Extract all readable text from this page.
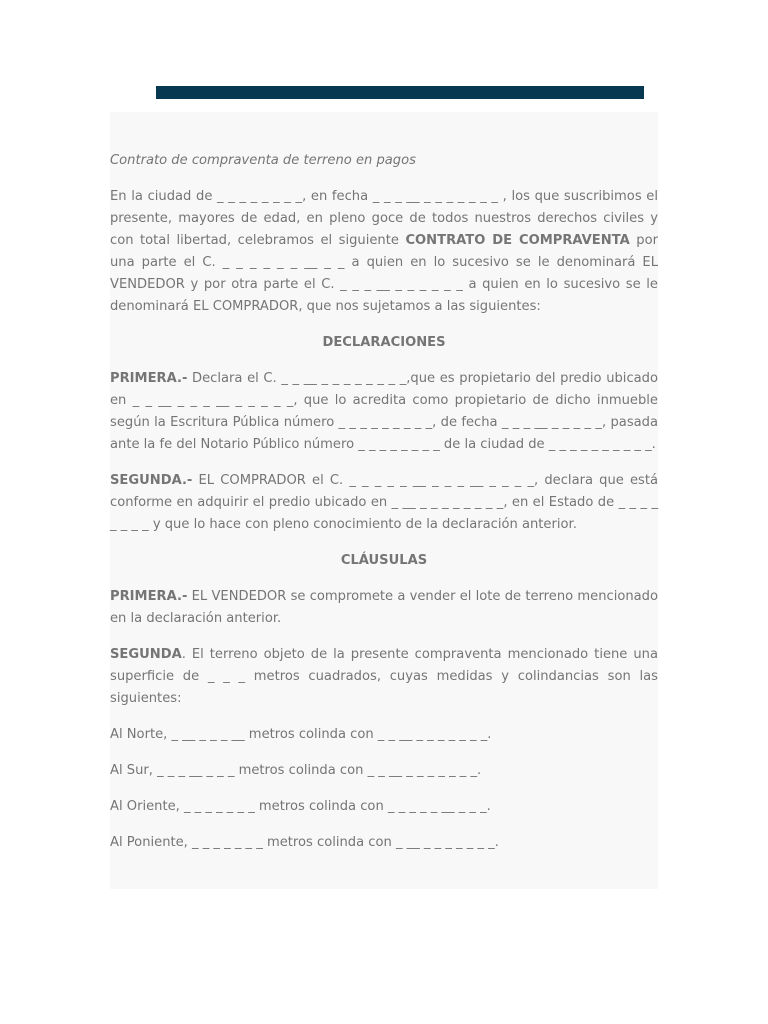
Contrato de compraventa de terreno en pagos

En la ciudad de _ _ _ _ _ _ _ _, en fecha _ _ _ __ _ _ _ _ _ _ _ , los que suscribimos el presente, mayores de edad, en pleno goce de todos nuestros derechos civiles y con total libertad, celebramos el siguiente CONTRATO DE COMPRAVENTA por una parte el C. _ _ _ _ _ _ __ _ _ a quien en lo sucesivo se le denominará EL VENDEDOR y por otra parte el C. _ _ _ __ _ _ _ _ _ _ a quien en lo sucesivo se le denominará EL COMPRADOR, que nos sujetamos a las siguientes:

DECLARACIONES

PRIMERA.- Declara el C. _ _ __ _ _ _ _ _ _ _ _,que es propietario del predio ubicado en _ _ __ _ _ _ __ _ _ _ _ _, que lo acredita como propietario de dicho inmueble según la Escritura Pública número _ _ _ _ _ _ _ _ _, de fecha _ _ _ __ _ _ _ _ _, pasada ante la fe del Notario Público número _ _ _ _ _ _ _ _ de la ciudad de _ _ _ _ _ _ _ _ _ _.

SEGUNDA.- EL COMPRADOR el C. _ _ _ _ _ __ _ _ _ __ _ _ _ _, declara que está conforme en adquirir el predio ubicado en _ __ _ _ _ _ _ _ _ _, en el Estado de _ _ _ _ _ _ _ _ y que lo hace con pleno conocimiento de la declaración anterior.

CLÁUSULAS

PRIMERA.- EL VENDEDOR se compromete a vender el lote de terreno mencionado en la declaración anterior.

SEGUNDA. El terreno objeto de la presente compraventa mencionado tiene una superficie de _ _ _ metros cuadrados, cuyas medidas y colindancias son las siguientes:

Al Norte, _ __ _ _ _ __ metros colinda con _ _ __ _ _ _ _ _ _ _.

Al Sur, _ _ _ __ _ _ _ metros colinda con _ _ __ _ _ _ _ _ _ _.

Al Oriente, _ _ _ _ _ _ _ metros colinda con _ _ _ _ _ __ _ _ _.

Al Poniente, _ _ _ _ _ _ _ metros colinda con _ __ _ _ _ _ _ _ _.
